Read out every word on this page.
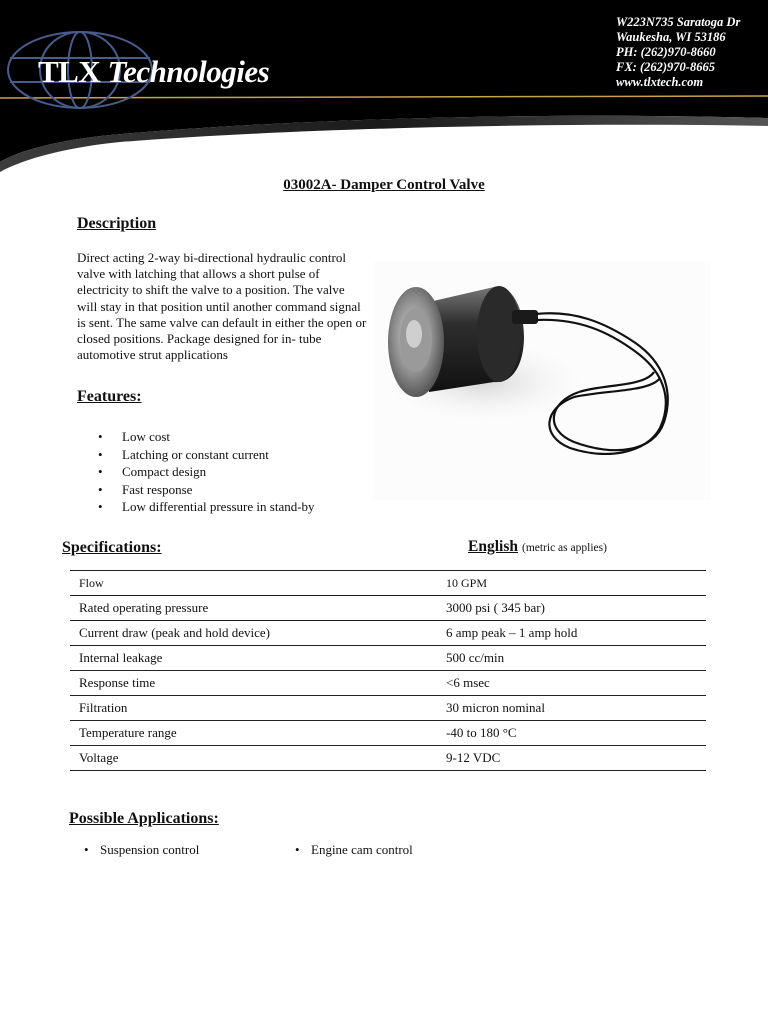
TLX Technologies
W223N735 Saratoga Dr
Waukesha, WI 53186
PH: (262)970-8660
FX: (262)970-8665
www.tlxtech.com
03002A- Damper Control Valve
Description
Direct acting 2-way bi-directional hydraulic control valve with latching that allows a short pulse of electricity to shift the valve to a position. The valve will stay in that position until another command signal is sent. The same valve can default in either the open or closed positions. Package designed for in- tube automotive strut applications
Features:
• Low cost
• Latching or constant current
• Compact design
• Fast response
• Low differential pressure in stand-by
Specifications:	English (metric as applies)
Flow	10 GPM
Rated operating pressure	3000 psi ( 345 bar)
Current draw (peak and hold device)	6 amp peak – 1 amp hold
Internal leakage	500 cc/min
Response time	<6 msec
Filtration	30 micron nominal
Temperature range	-40 to 180 °C
Voltage	9-12 VDC
Possible Applications:
• Suspension control	• Engine cam control
